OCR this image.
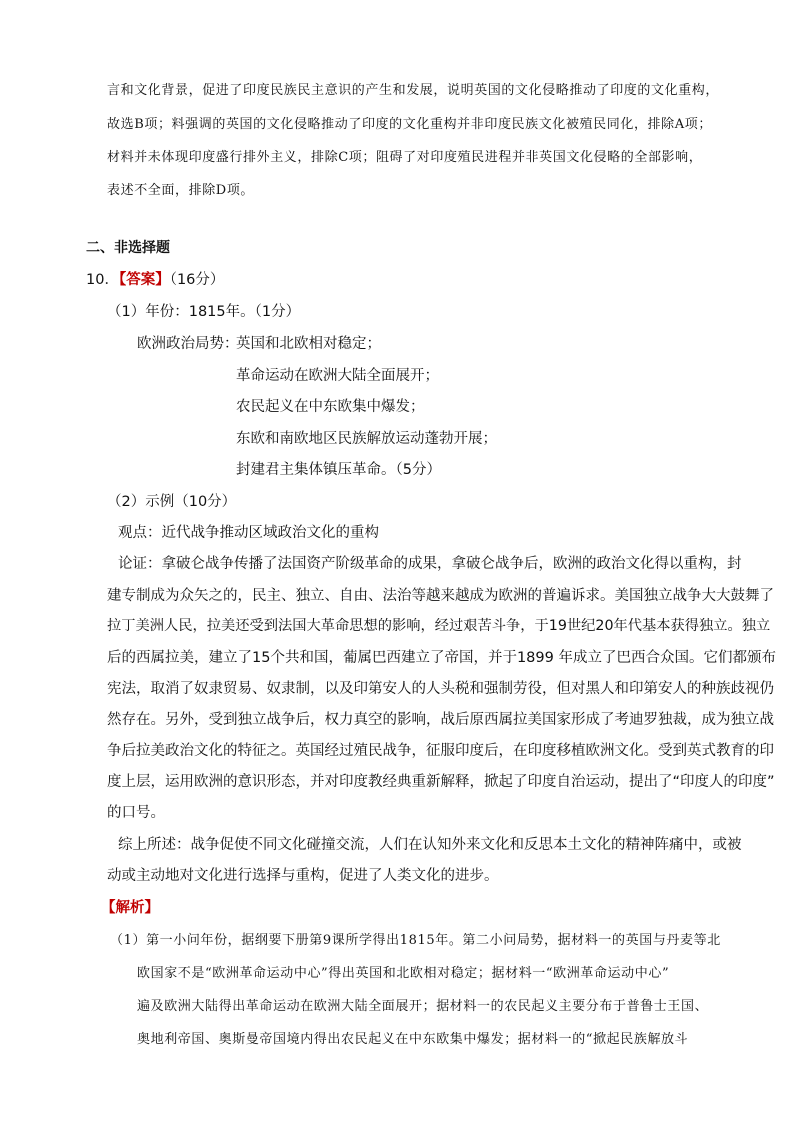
言和文化背景，促进了印度民族民主意识的产生和发展，说明英国的文化侵略推动了印度的文化重构，
故选B项；料强调的英国的文化侵略推动了印度的文化重构并非印度民族文化被殖民同化，排除A项；
材料并未体现印度盛行排外主义，排除C项；阻碍了对印度殖民进程并非英国文化侵略的全部影响，
表述不全面，排除D项。
二、非选择题
10．【答案】（16分）
（1）年份：1815年。（1分）
欧洲政治局势：
英国和北欧相对稳定；
革命运动在欧洲大陆全面展开；
农民起义在中东欧集中爆发；
东欧和南欧地区民族解放运动蓬勃开展；
封建君主集体镇压革命。（5分）
（2）示例（10分）
观点：近代战争推动区域政治文化的重构
论证：拿破仑战争传播了法国资产阶级革命的成果，拿破仑战争后，欧洲的政治文化得以重构，封
建专制成为众矢之的，民主、独立、自由、法治等越来越成为欧洲的普遍诉求。美国独立战争大大鼓舞了
拉丁美洲人民，拉美还受到法国大革命思想的影响，经过艰苦斗争，于19世纪20年代基本获得独立。独立
后的西属拉美，建立了15个共和国，葡属巴西建立了帝国，并于1899 年成立了巴西合众国。它们都颁布
宪法，取消了奴隶贸易、奴隶制，以及印第安人的人头税和强制劳役，但对黑人和印第安人的种族歧视仍
然存在。另外，受到独立战争后，权力真空的影响，战后原西属拉美国家形成了考迪罗独裁，成为独立战
争后拉美政治文化的特征之。英国经过殖民战争，征服印度后，在印度移植欧洲文化。受到英式教育的印
度上层，运用欧洲的意识形态，并对印度教经典重新解释，掀起了印度自治运动，提出了“印度人的印度”
的口号。
综上所述：战争促使不同文化碰撞交流，人们在认知外来文化和反思本土文化的精神阵痛中，或被
动或主动地对文化进行选择与重构，促进了人类文化的进步。
【解析】
（1）第一小问年份，据纲要下册第9课所学得出1815年。第二小问局势，据材料一的英国与丹麦等北
欧国家不是“欧洲革命运动中心”得出英国和北欧相对稳定；据材料一“欧洲革命运动中心”
遍及欧洲大陆得出革命运动在欧洲大陆全面展开；据材料一的农民起义主要分布于普鲁士王国、
奥地利帝国、奥斯曼帝国境内得出农民起义在中东欧集中爆发；据材料一的“掀起民族解放斗
